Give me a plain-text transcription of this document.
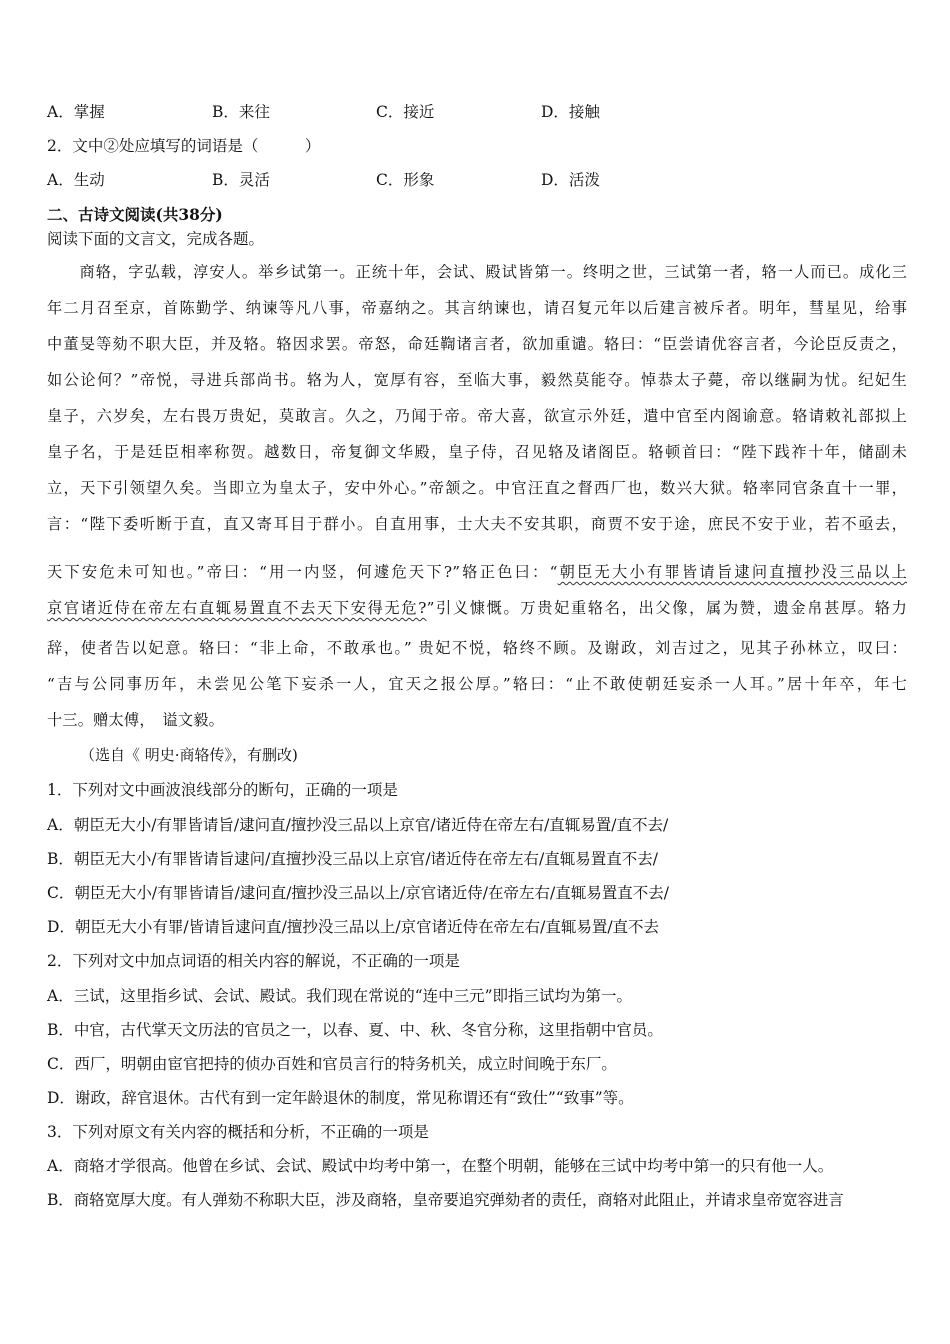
A．掌握	B．来往	C．接近	D．接触
2．文中②处应填写的词语是（　　　）
A．生动	B．灵活	C．形象	D．活泼
二、古诗文阅读(共38分)
阅读下面的文言文，完成各题。
　　商辂，字弘载，淳安人。举乡试第一。正统十年，会试、殿试皆第一。终明之世，三试第一者，辂一人而已。成化三
年二月召至京，首陈勤学、纳谏等凡八事，帝嘉纳之。其言纳谏也，请召复元年以后建言被斥者。明年，彗星见，给事
中董旻等劾不职大臣，并及辂。辂因求罢。帝怒，命廷鞫诸言者，欲加重谴。辂曰：“臣尝请优容言者，今论臣反责之，
如公论何？”帝悦，寻进兵部尚书。辂为人，宽厚有容，至临大事，毅然莫能夺。悼恭太子薨，帝以继嗣为忧。纪妃生
皇子，六岁矣，左右畏万贵妃，莫敢言。久之，乃闻于帝。帝大喜，欲宣示外廷，遣中官至内阁谕意。辂请敕礼部拟上
皇子名，于是廷臣相率称贺。越数日，帝复御文华殿，皇子侍，召见辂及诸阁臣。辂顿首曰：“陛下践祚十年，储副未
立，天下引领望久矣。当即立为皇太子，安中外心。”帝颔之。中官汪直之督西厂也，数兴大狱。辂率同官条直十一罪，
言：“陛下委听断于直，直又寄耳目于群小。自直用事，士大夫不安其职，商贾不安于途，庶民不安于业，若不亟去，
天下安危未可知也。”帝曰：“用一内竖，何遽危天下?”辂正色曰：“朝臣无大小有罪皆请旨逮问直擅抄没三品以上
京官诸近侍在帝左右直辄易置直不去天下安得无危?”引义慷慨。万贵妃重辂名，出父像，属为赞，遗金帛甚厚。辂力
辞，使者告以妃意。辂曰：“非上命，不敢承也。” 贵妃不悦，辂终不顾。及谢政，刘吉过之，见其子孙林立，叹曰：
“吉与公同事历年，未尝见公笔下妄杀一人，宜天之报公厚。”辂曰：“止不敢使朝廷妄杀一人耳。”居十年卒，年七
十三。赠太傅，　谥文毅。
（选自《 明史·商辂传》，有删改)
1．下列对文中画波浪线部分的断句，正确的一项是
A．朝臣无大小/有罪皆请旨/逮问直/擅抄没三品以上京官/诸近侍在帝左右/直辄易置/直不去/
B．朝臣无大小/有罪皆请旨逮问/直擅抄没三品以上京官/诸近侍在帝左右/直辄易置直不去/
C．朝臣无大小/有罪皆请旨/逮问直/擅抄没三品以上/京官诸近侍/在帝左右/直辄易置直不去/
D．朝臣无大小有罪/皆请旨逮问直/擅抄没三品以上/京官诸近侍在帝左右/直辄易置/直不去
2．下列对文中加点词语的相关内容的解说，不正确的一项是
A．三试，这里指乡试、会试、殿试。我们现在常说的“连中三元”即指三试均为第一。
B．中官，古代掌天文历法的官员之一，以春、夏、中、秋、冬官分称，这里指朝中官员。
C．西厂，明朝由宦官把持的侦办百姓和官员言行的特务机关，成立时间晚于东厂。
D．谢政，辞官退休。古代有到一定年龄退休的制度，常见称谓还有“致仕”“致事”等。
3．下列对原文有关内容的概括和分析，不正确的一项是
A．商辂才学很高。他曾在乡试、会试、殿试中均考中第一，在整个明朝，能够在三试中均考中第一的只有他一人。
B．商辂宽厚大度。有人弹劾不称职大臣，涉及商辂，皇帝要追究弹劾者的责任，商辂对此阻止，并请求皇帝宽容进言
